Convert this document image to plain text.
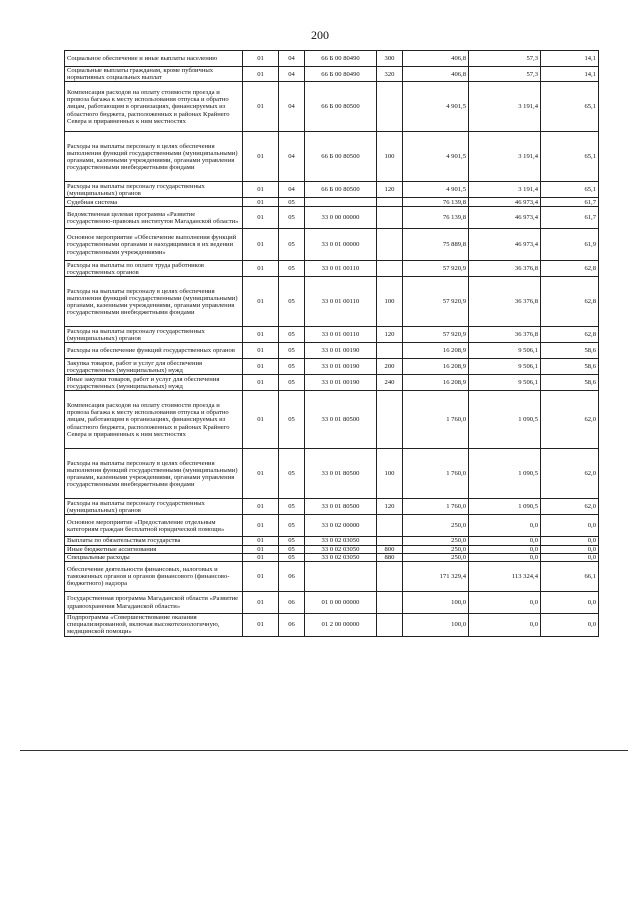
200
Социальное обеспечение и иные выплаты населению	01	04	66 Б 00 80490	300	406,8	57,3	14,1
Социальные выплаты гражданам, кроме публичных нормативных социальных выплат	01	04	66 Б 00 80490	320	406,8	57,3	14,1
Компенсация расходов на оплату стоимости проезда и провоза багажа к месту использования отпуска и обратно лицам, работающим в организациях, финансируемых из областного бюджета, расположенных в районах Крайнего Севера и приравненных к ним местностях	01	04	66 Б 00 80500		4 901,5	3 191,4	65,1
Расходы на выплаты персоналу в целях обеспечения выполнения функций государственными (муниципальными) органами, казенными учреждениями, органами управления государственными внебюджетными фондами	01	04	66 Б 00 80500	100	4 901,5	3 191,4	65,1
Расходы на выплаты персоналу государственных (муниципальных) органов	01	04	66 Б 00 80500	120	4 901,5	3 191,4	65,1
Судебная система	01	05			76 139,8	46 973,4	61,7
Ведомственная целевая программа «Развитие государственно-правовых институтов Магаданской области»	01	05	33 0 00 00000		76 139,8	46 973,4	61,7
Основное мероприятие «Обеспечение выполнения функций государственными органами и находящимися в их ведении государственными учреждениями»	01	05	33 0 01 00000		75 889,8	46 973,4	61,9
Расходы на выплаты по оплате труда работников государственных органов	01	05	33 0 01 00110		57 920,9	36 376,8	62,8
Расходы на выплаты персоналу в целях обеспечения выполнения функций государственными (муниципальными) органами, казенными учреждениями, органами управления государственными внебюджетными фондами	01	05	33 0 01 00110	100	57 920,9	36 376,8	62,8
Расходы на выплаты персоналу государственных (муниципальных) органов	01	05	33 0 01 00110	120	57 920,9	36 376,8	62,8
Расходы на обеспечение функций государственных органов	01	05	33 0 01 00190		16 208,9	9 506,1	58,6
Закупка товаров, работ и услуг для обеспечения государственных (муниципальных) нужд	01	05	33 0 01 00190	200	16 208,9	9 506,1	58,6
Иные закупки товаров, работ и услуг для обеспечения государственных (муниципальных) нужд	01	05	33 0 01 00190	240	16 208,9	9 506,1	58,6
Компенсация расходов на оплату стоимости проезда и провоза багажа к месту использования отпуска и обратно лицам, работающим в организациях, финансируемых из областного бюджета, расположенных в районах Крайнего Севера и приравненных к ним местностях	01	05	33 0 01 80500		1 760,0	1 090,5	62,0
Расходы на выплаты персоналу в целях обеспечения выполнения функций государственными (муниципальными) органами, казенными учреждениями, органами управления государственными внебюджетными фондами	01	05	33 0 01 80500	100	1 760,0	1 090,5	62,0
Расходы на выплаты персоналу государственных (муниципальных) органов	01	05	33 0 01 80500	120	1 760,0	1 090,5	62,0
Основное мероприятие «Предоставление отдельным категориям граждан бесплатной юридической помощи»	01	05	33 0 02 00000		250,0	0,0	0,0
Выплаты по обязательствам государства	01	05	33 0 02 03050		250,0	0,0	0,0
Иные бюджетные ассигнования	01	05	33 0 02 03050	800	250,0	0,0	0,0
Специальные расходы	01	05	33 0 02 03050	880	250,0	0,0	0,0
Обеспечение деятельности финансовых, налоговых и таможенных органов и органов финансового (финансово-бюджетного) надзора	01	06			171 329,4	113 324,4	66,1
Государственная программа Магаданской области «Развитие здравоохранения Магаданской области»	01	06	01 0 00 00000		100,0	0,0	0,0
Подпрограмма «Совершенствование оказания специализированной, включая высокотехнологичную, медицинской помощи»	01	06	01 2 00 00000		100,0	0,0	0,0
